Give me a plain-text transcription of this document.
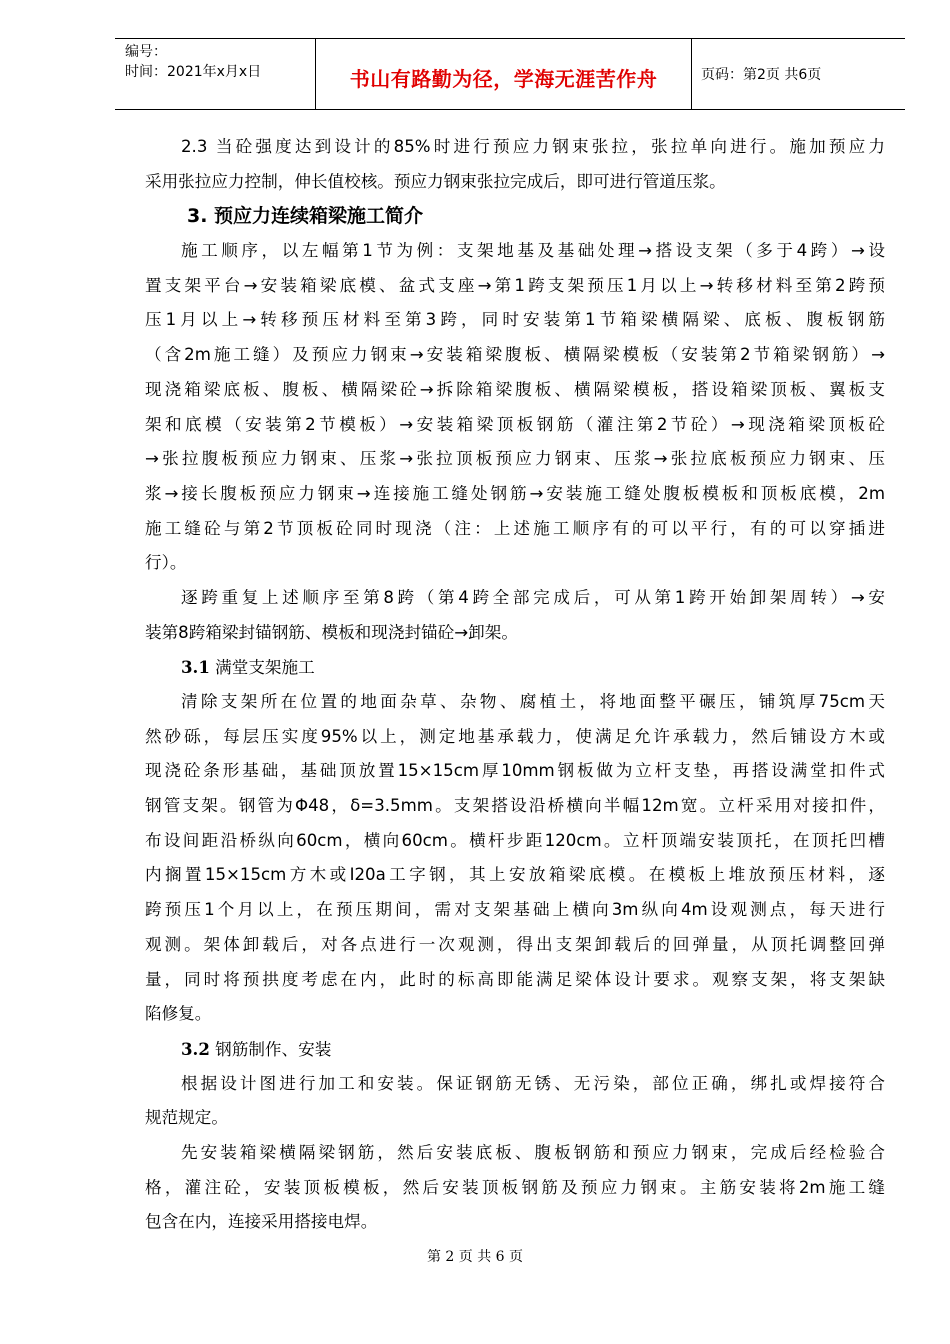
编号：
时间：2021年x月x日	书山有路勤为径，学海无涯苦作舟	页码：第2页 共6页
2.3 当砼强度达到设计的85%时进行预应力钢束张拉，张拉单向进行。施加预应力
采用张拉应力控制，伸长值校核。预应力钢束张拉完成后，即可进行管道压浆。
3. 预应力连续箱梁施工简介
施工顺序，以左幅第1节为例：支架地基及基础处理→搭设支架（多于4跨）→设
置支架平台→安装箱梁底模、盆式支座→第1跨支架预压1月以上→转移材料至第2跨预
压1月以上→转移预压材料至第3跨，同时安装第1节箱梁横隔梁、底板、腹板钢筋
（含2m施工缝）及预应力钢束→安装箱梁腹板、横隔梁模板（安装第2节箱梁钢筋）→
现浇箱梁底板、腹板、横隔梁砼→拆除箱梁腹板、横隔梁模板，搭设箱梁顶板、翼板支
架和底模（安装第2节模板）→安装箱梁顶板钢筋（灌注第2节砼）→现浇箱梁顶板砼
→张拉腹板预应力钢束、压浆→张拉顶板预应力钢束、压浆→张拉底板预应力钢束、压
浆→接长腹板预应力钢束→连接施工缝处钢筋→安装施工缝处腹板模板和顶板底模，2m
施工缝砼与第2节顶板砼同时现浇（注：上述施工顺序有的可以平行，有的可以穿插进
行）。
逐跨重复上述顺序至第8跨（第4跨全部完成后，可从第1跨开始卸架周转）→安
装第8跨箱梁封锚钢筋、模板和现浇封锚砼→卸架。
3.1 满堂支架施工
清除支架所在位置的地面杂草、杂物、腐植土，将地面整平碾压，铺筑厚75cm天
然砂砾，每层压实度95%以上，测定地基承载力，使满足允许承载力，然后铺设方木或
现浇砼条形基础，基础顶放置15×15cm厚10mm钢板做为立杆支垫，再搭设满堂扣件式
钢管支架。钢管为Φ48，δ=3.5mm。支架搭设沿桥横向半幅12m宽。立杆采用对接扣件，
布设间距沿桥纵向60cm，横向60cm。横杆步距120cm。立杆顶端安装顶托，在顶托凹槽
内搁置15×15cm方木或I20a工字钢，其上安放箱梁底模。在模板上堆放预压材料，逐
跨预压1个月以上，在预压期间，需对支架基础上横向3m纵向4m设观测点，每天进行
观测。架体卸载后，对各点进行一次观测，得出支架卸载后的回弹量，从顶托调整回弹
量，同时将预拱度考虑在内，此时的标高即能满足梁体设计要求。观察支架，将支架缺
陷修复。
3.2 钢筋制作、安装
根据设计图进行加工和安装。保证钢筋无锈、无污染，部位正确，绑扎或焊接符合
规范规定。
先安装箱梁横隔梁钢筋，然后安装底板、腹板钢筋和预应力钢束，完成后经检验合
格，灌注砼，安装顶板模板，然后安装顶板钢筋及预应力钢束。主筋安装将2m施工缝
包含在内，连接采用搭接电焊。
第 2 页 共 6 页
